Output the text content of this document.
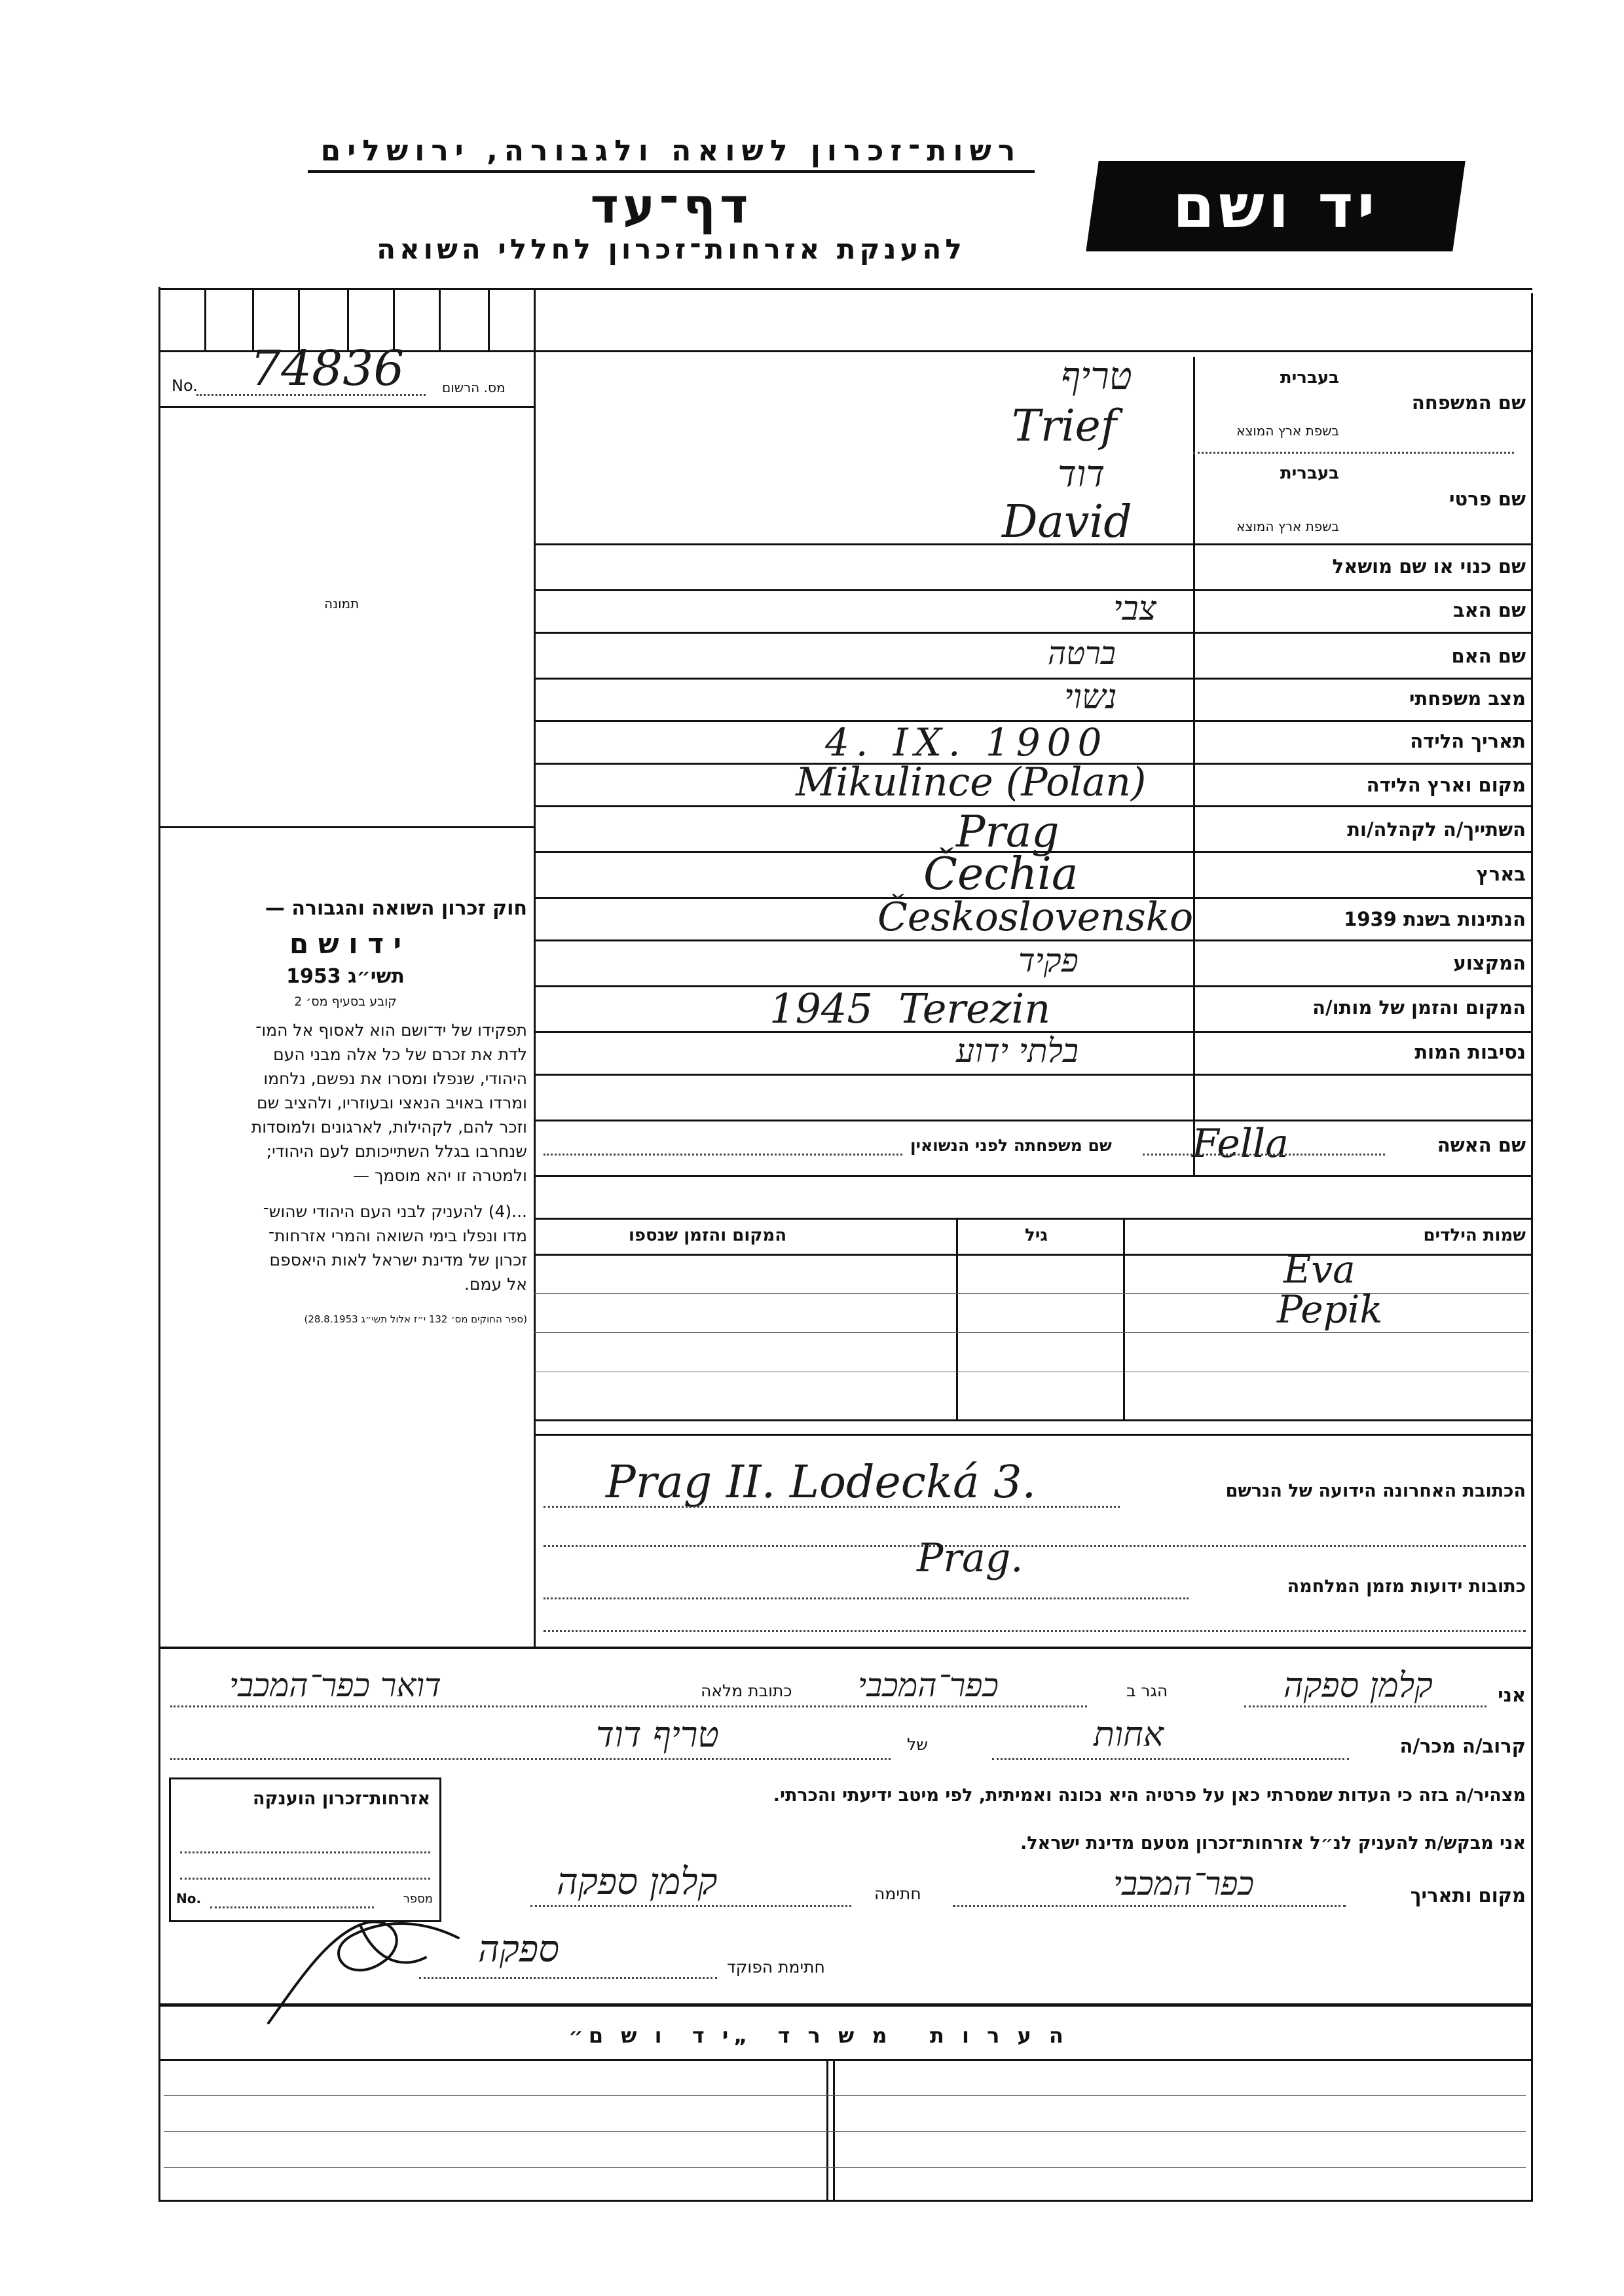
רשות־זכרון לשואה ולגבורה, ירושלים
דף־עד
להענקת אזרחות־זכרון לחללי השואה
יד ושם
No. 74836	מס. הרשום
תמונה

חוק זכרון השואה והגבורה —

י ד ו ש ם

תשי״ג 1953

קובע בסעיף מס׳ 2

תפקידו של יד־ושם הוא לאסוף אל המו־

לדת את זכרם של כל אלה מבני העם

היהודי, שנפלו ומסרו את נפשם, נלחמו

ומרדו באויב הנאצי ובעוזריו, ולהציב שם

וזכר להם, לקהילות, לארגונים ולמוסדות

שנחרבו בגלל השתייכותם לעם היהודי;

ולמטרה זו יהא מוסמך —

...(4) להעניק לבני העם היהודי שהוש־

מדו ונפלו בימי השואה והמרי אזרחות־

זכרון של מדינת ישראל לאות היאספם

אל עמם.

(ספר החוקים מס׳ 132 י״ז אלול תשי״ג 28.8.1953)

שם המשפחה
בעברית
בשפת ארץ המוצא
טריף
Trief
שם פרטי
בעברית
בשפת ארץ המוצא
דוד
David
שם כנוי או שם מושאל
שם האב
צבי
שם האם
ברטה
מצב משפחתי
נשוי
תאריך הלידה
4. IX. 1900
מקום וארץ הלידה
Mikulince (Polan)
השתייך/ה לקהלה/ות
Prag
בארץ
Čechia
הנתינות בשנת 1939
Československo
המקצוע
פקיד
המקום והזמן של מותו/ה
1945  Terezin
נסיבות המות
בלתי ידוע
שם האשה
Fella
שם משפחתה לפני הנשואין
שמות הילדים
גיל
המקום והזמן שנספו
Eva
Pepik
הכתובת האחרונה הידועה של הנרשם
Prag II. Lodecká 3.
כתובות ידועות מזמן המלחמה
Prag.
אני
קלמן ספקה
הגר ב
כפר־המכבי
כתובת מלאה
דואר כפר־המכבי
קרוב/ה מכר/ה
אחות
של
טריף דוד
מצהיר/ה בזה כי העדות שמסרתי כאן על פרטיה היא נכונה ואמיתית, לפי מיטב ידיעתי והכרתי.
אני מבקש/ת להעניק לנ״ל אזרחות־זכרון מטעם מדינת ישראל.
מקום ותאריך
כפר־המכבי
חתימה
קלמן ספקה
אזרחות־זכרון הוענקה
No.	מספר
חתימת הפוקד
ספקה
ה ע ר ו ת   מ ש ר ד  „י ד  ו ש ם״
